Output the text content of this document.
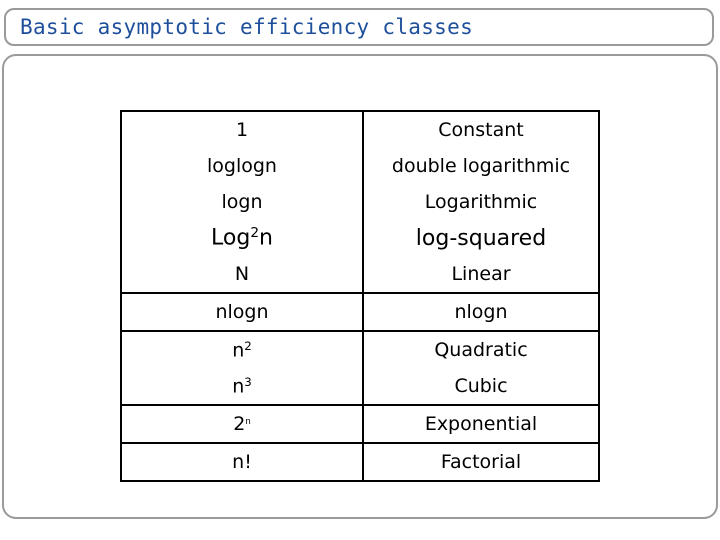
Basic asymptotic efficiency classes
1	Constant
loglogn	double logarithmic
logn	Logarithmic
Log$^2$n	log-squared
N	Linear
nlogn	nlogn
$n^2$	Quadratic
$n^3$	Cubic
2$^n$	Exponential
n!	Factorial
